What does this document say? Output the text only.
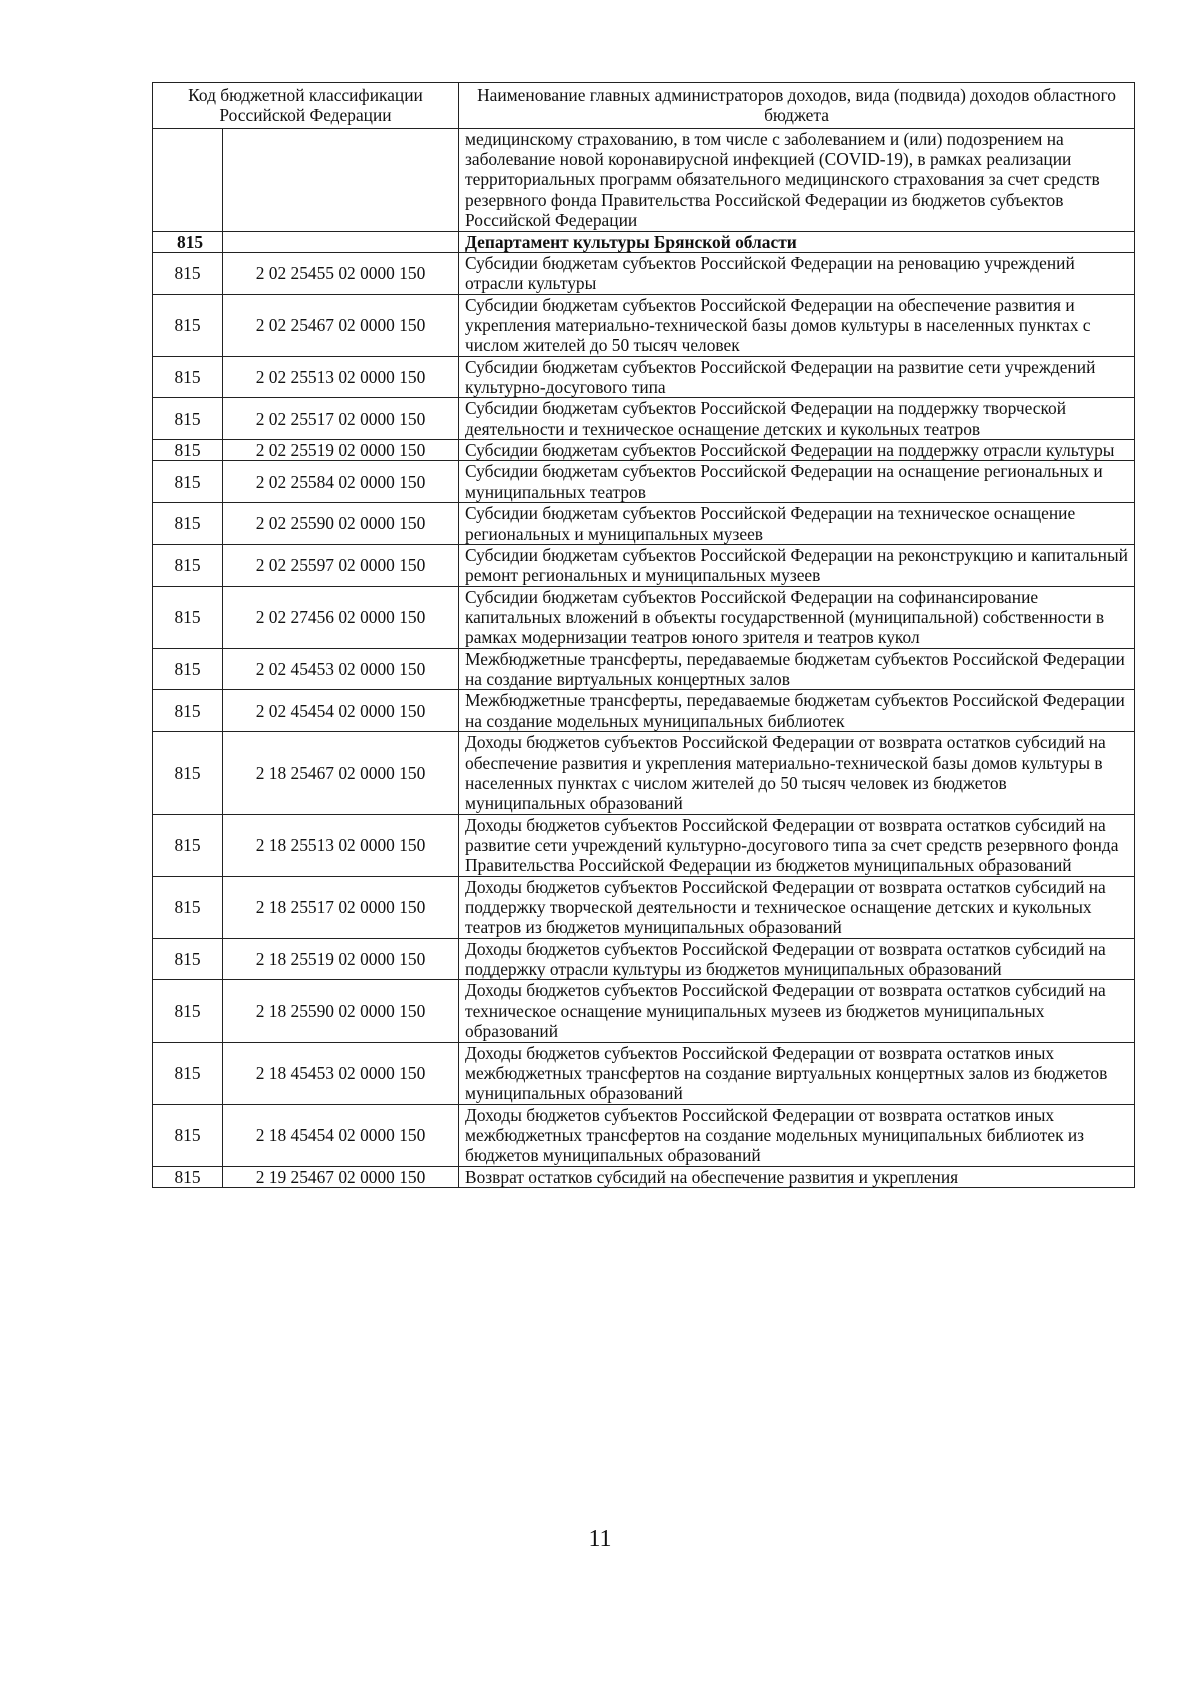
Код бюджетной классификации Российской Федерации		Наименование главных администраторов доходов, вида (подвида) доходов областного бюджета
		медицинскому страхованию, в том числе с заболеванием и (или) подозрением на заболевание новой коронавирусной инфекцией (COVID-19), в рамках реализации территориальных программ обязательного медицинского страхования за счет средств резервного фонда Правительства Российской Федерации из бюджетов субъектов Российской Федерации
815		Департамент культуры Брянской области
815	2 02 25455 02 0000 150	Субсидии бюджетам субъектов Российской Федерации на реновацию учреждений отрасли культуры
815	2 02 25467 02 0000 150	Субсидии бюджетам субъектов Российской Федерации на обеспечение развития и укрепления материально-технической базы домов культуры в населенных пунктах с числом жителей до 50 тысяч человек
815	2 02 25513 02 0000 150	Субсидии бюджетам субъектов Российской Федерации на развитие сети учреждений культурно-досугового типа
815	2 02 25517 02 0000 150	Субсидии бюджетам субъектов Российской Федерации на поддержку творческой деятельности и техническое оснащение детских и кукольных театров
815	2 02 25519 02 0000 150	Субсидии бюджетам субъектов Российской Федерации на поддержку отрасли культуры
815	2 02 25584 02 0000 150	Субсидии бюджетам субъектов Российской Федерации на оснащение региональных и муниципальных театров
815	2 02 25590 02 0000 150	Субсидии бюджетам субъектов Российской Федерации на техническое оснащение региональных и муниципальных музеев
815	2 02 25597 02 0000 150	Субсидии бюджетам субъектов Российской Федерации на реконструкцию и капитальный ремонт региональных и муниципальных музеев
815	2 02 27456 02 0000 150	Субсидии бюджетам субъектов Российской Федерации на софинансирование капитальных вложений в объекты государственной (муниципальной) собственности в рамках модернизации театров юного зрителя и театров кукол
815	2 02 45453 02 0000 150	Межбюджетные трансферты, передаваемые бюджетам субъектов Российской Федерации на создание виртуальных концертных залов
815	2 02 45454 02 0000 150	Межбюджетные трансферты, передаваемые бюджетам субъектов Российской Федерации на создание модельных муниципальных библиотек
815	2 18 25467 02 0000 150	Доходы бюджетов субъектов Российской Федерации от возврата остатков субсидий на обеспечение развития и укрепления материально-технической базы домов культуры в населенных пунктах с числом жителей до 50 тысяч человек из бюджетов муниципальных образований
815	2 18 25513 02 0000 150	Доходы бюджетов субъектов Российской Федерации от возврата остатков субсидий на развитие сети учреждений культурно-досугового типа за счет средств резервного фонда Правительства Российской Федерации из бюджетов муниципальных образований
815	2 18 25517 02 0000 150	Доходы бюджетов субъектов Российской Федерации от возврата остатков субсидий на поддержку творческой деятельности и техническое оснащение детских и кукольных театров из бюджетов муниципальных образований
815	2 18 25519 02 0000 150	Доходы бюджетов субъектов Российской Федерации от возврата остатков субсидий на поддержку отрасли культуры из бюджетов муниципальных образований
815	2 18 25590 02 0000 150	Доходы бюджетов субъектов Российской Федерации от возврата остатков субсидий на техническое оснащение муниципальных музеев из бюджетов муниципальных образований
815	2 18 45453 02 0000 150	Доходы бюджетов субъектов Российской Федерации от возврата остатков иных межбюджетных трансфертов на создание виртуальных концертных залов из бюджетов муниципальных образований
815	2 18 45454 02 0000 150	Доходы бюджетов субъектов Российской Федерации от возврата остатков иных межбюджетных трансфертов на создание модельных муниципальных библиотек из бюджетов муниципальных образований
815	2 19 25467 02 0000 150	Возврат остатков субсидий на обеспечение развития и укрепления
11
